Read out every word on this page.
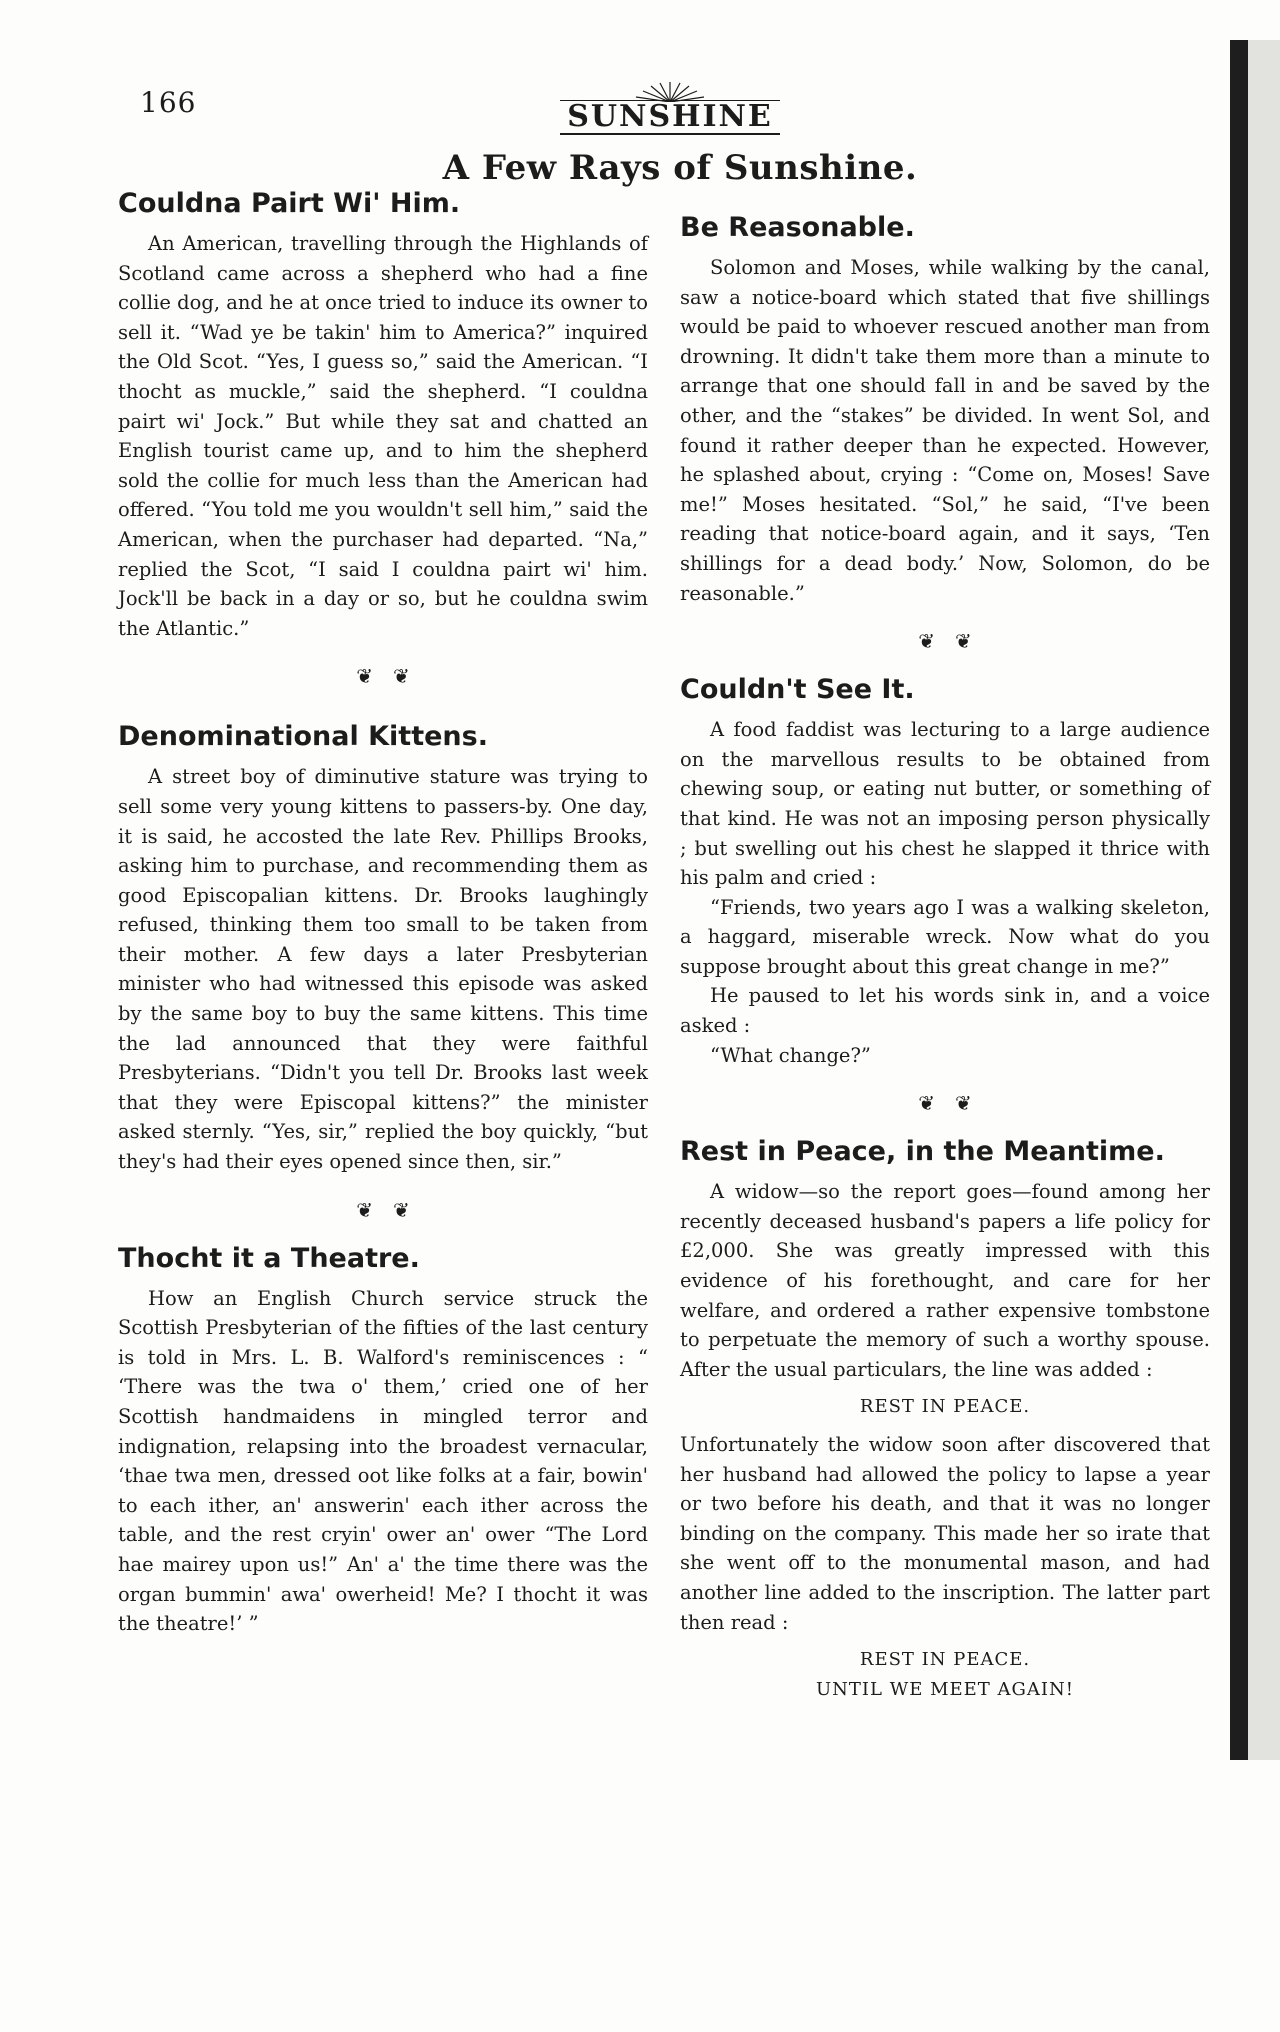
166	SUNSHINE
A Few Rays of Sunshine.
Couldna Pairt Wi' Him.

An American, travelling through the Highlands of Scotland came across a shepherd who had a fine collie dog, and he at once tried to induce its owner to sell it. “Wad ye be takin' him to America?” inquired the Old Scot. “Yes, I guess so,” said the American. “I thocht as muckle,” said the shepherd. “I couldna pairt wi' Jock.” But while they sat and chatted an English tourist came up, and to him the shepherd sold the collie for much less than the American had offered. “You told me you wouldn't sell him,” said the American, when the purchaser had departed. “Na,” replied the Scot, “I said I couldna pairt wi' him. Jock'll be back in a day or so, but he couldna swim the Atlantic.”

❦ ❦
Denominational Kittens.

A street boy of diminutive stature was trying to sell some very young kittens to passers-by. One day, it is said, he accosted the late Rev. Phillips Brooks, asking him to purchase, and recommending them as good Episcopalian kittens. Dr. Brooks laughingly refused, thinking them too small to be taken from their mother. A few days a later Presbyterian minister who had witnessed this episode was asked by the same boy to buy the same kittens. This time the lad announced that they were faithful Presbyterians. “Didn't you tell Dr. Brooks last week that they were Episcopal kittens?” the minister asked sternly. “Yes, sir,” replied the boy quickly, “but they's had their eyes opened since then, sir.”

❦ ❦
Thocht it a Theatre.

How an English Church service struck the Scottish Presbyterian of the fifties of the last century is told in Mrs. L. B. Walford's reminiscences : “ ‘There was the twa o' them,’ cried one of her Scottish handmaidens in mingled terror and indignation, relapsing into the broadest vernacular, ‘thae twa men, dressed oot like folks at a fair, bowin' to each ither, an' answerin' each ither across the table, and the rest cryin' ower an' ower “The Lord hae mairey upon us!” An' a' the time there was the organ bummin' awa' owerheid! Me? I thocht it was the theatre!’ ”

Be Reasonable.

Solomon and Moses, while walking by the canal, saw a notice-board which stated that five shillings would be paid to whoever rescued another man from drowning. It didn't take them more than a minute to arrange that one should fall in and be saved by the other, and the “stakes” be divided. In went Sol, and found it rather deeper than he expected. However, he splashed about, crying : “Come on, Moses! Save me!” Moses hesitated. “Sol,” he said, “I've been reading that notice-board again, and it says, ‘Ten shillings for a dead body.’ Now, Solomon, do be reasonable.”

❦ ❦
Couldn't See It.

A food faddist was lecturing to a large audience on the marvellous results to be obtained from chewing soup, or eating nut butter, or something of that kind. He was not an imposing person physically ; but swelling out his chest he slapped it thrice with his palm and cried :

“Friends, two years ago I was a walking skeleton, a haggard, miserable wreck. Now what do you suppose brought about this great change in me?”

He paused to let his words sink in, and a voice asked :

“What change?”

❦ ❦
Rest in Peace, in the Meantime.

A widow—so the report goes—found among her recently deceased husband's papers a life policy for £2,000. She was greatly impressed with this evidence of his forethought, and care for her welfare, and ordered a rather expensive tombstone to perpetuate the memory of such a worthy spouse. After the usual particulars, the line was added :

REST IN PEACE.

Unfortunately the widow soon after discovered that her husband had allowed the policy to lapse a year or two before his death, and that it was no longer binding on the company. This made her so irate that she went off to the monumental mason, and had another line added to the inscription. The latter part then read :

REST IN PEACE.

UNTIL WE MEET AGAIN!
